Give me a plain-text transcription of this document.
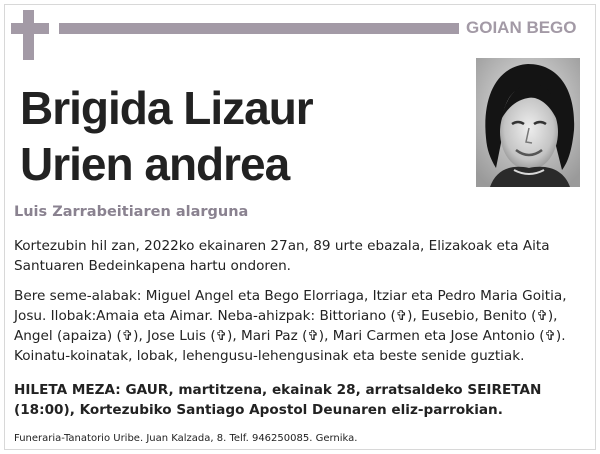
GOIAN BEGO
Brigida Lizaur
Urien andrea
Luis Zarrabeitiaren alarguna

Kortezubin hil zan, 2022ko ekainaren 27an, 89 urte ebazala, Elizakoak eta Aita Santuaren Bedeinkapena hartu ondoren.

Bere seme-alabak: Miguel Angel eta Bego Elorriaga, Itziar eta Pedro Maria Goitia, Josu. Ilobak:Amaia eta Aimar. Neba-ahizpak: Bittoriano (✞), Eusebio, Benito (✞), Angel (apaiza) (✞), Jose Luis (✞), Mari Paz (✞), Mari Carmen eta Jose Antonio (✞). Koinatu-koinatak, lobak, lehengusu-lehengusinak eta beste senide guztiak.

HILETA MEZA: GAUR, martitzena, ekainak 28, arratsaldeko SEIRETAN (18:00), Kortezubiko Santiago Apostol Deunaren eliz-parrokian.

Funeraria-Tanatorio Uribe. Juan Kalzada, 8. Telf. 946250085. Gernika.
